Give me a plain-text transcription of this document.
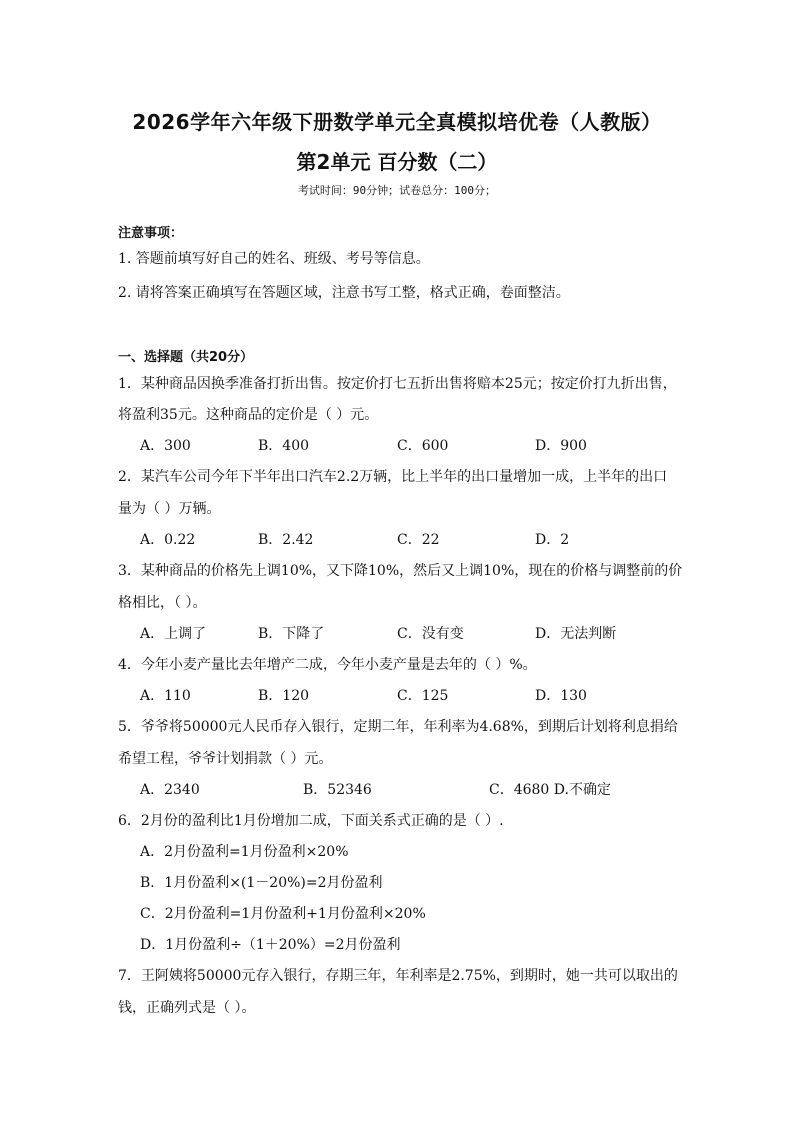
2026学年六年级下册数学单元全真模拟培优卷（人教版）
第2单元 百分数（二）
考试时间：90分钟；试卷总分：100分；
注意事项：
1. 答题前填写好自己的姓名、班级、考号等信息。
2. 请将答案正确填写在答题区域，注意书写工整，格式正确，卷面整洁。
一、选择题（共20分）
1．某种商品因换季准备打折出售。按定价打七五折出售将赔本25元；按定价打九折出售，
将盈利35元。这种商品的定价是（ ）元。
A．300	B．400	C．600	D．900
2．某汽车公司今年下半年出口汽车2.2万辆，比上半年的出口量增加一成，上半年的出口
量为（ ）万辆。
A．0.22	B．2.42	C．22	D．2
3．某种商品的价格先上调10%，又下降10%，然后又上调10%，现在的价格与调整前的价
格相比，（ ）。
A．上调了	B．下降了	C．没有变	D．无法判断
4．今年小麦产量比去年增产二成，今年小麦产量是去年的（ ）%。
A．110	B．120	C．125	D．130
5．爷爷将50000元人民币存入银行，定期二年，年利率为4.68%，到期后计划将利息捐给
希望工程，爷爷计划捐款（ ）元。
A．2340	B．52346	C．4680 D.不确定
6．2月份的盈利比1月份增加二成，下面关系式正确的是（ ）.
A．2月份盈利=1月份盈利×20%
B．1月份盈利×(1－20%)=2月份盈利
C．2月份盈利=1月份盈利+1月份盈利×20%
D．1月份盈利÷（1＋20%）=2月份盈利
7．王阿姨将50000元存入银行，存期三年，年利率是2.75%，到期时，她一共可以取出的
钱，正确列式是（ ）。
